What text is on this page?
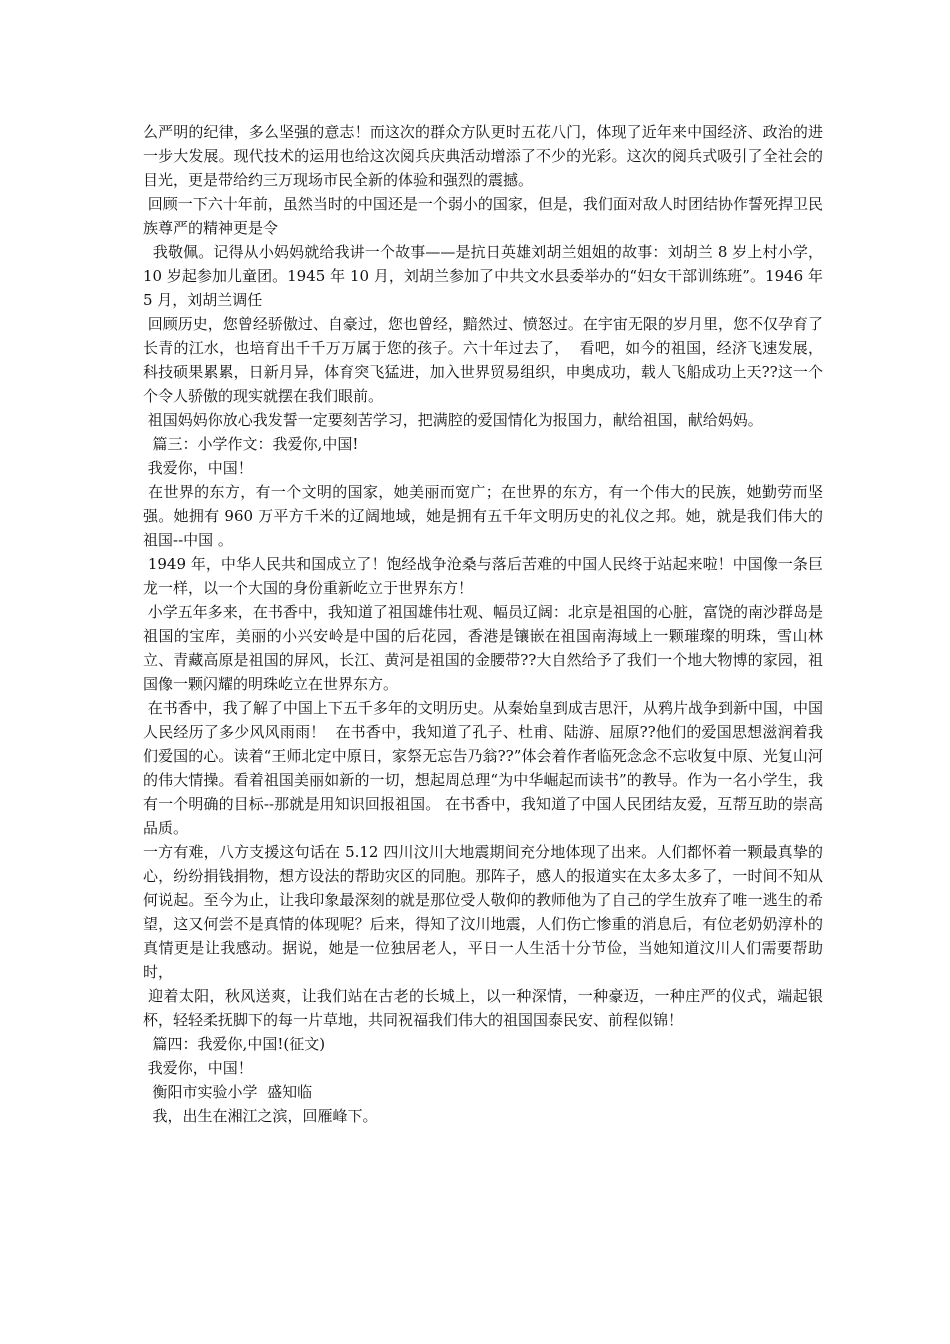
么严明的纪律，多么坚强的意志！而这次的群众方队更时五花八门，体现了近年来中国经济、政治的进一步大发展。现代技术的运用也给这次阅兵庆典活动增添了不少的光彩。这次的阅兵式吸引了全社会的目光，更是带给约三万现场市民全新的体验和强烈的震撼。

回顾一下六十年前，虽然当时的中国还是一个弱小的国家，但是，我们面对敌人时团结协作誓死捍卫民族尊严的精神更是令

我敬佩。记得从小妈妈就给我讲一个故事——是抗日英雄刘胡兰姐姐的故事：刘胡兰 8 岁上村小学，10 岁起参加儿童团。1945 年 10 月，刘胡兰参加了中共文水县委举办的“妇女干部训练班”。1946 年 5 月，刘胡兰调任

回顾历史，您曾经骄傲过、自豪过，您也曾经，黯然过、愤怒过。在宇宙无限的岁月里，您不仅孕育了长青的江水，也培育出千千万万属于您的孩子。六十年过去了，  看吧，如今的祖国，经济飞速发展，科技硕果累累，日新月异，体育突飞猛进，加入世界贸易组织，申奥成功，载人飞船成功上天??这一个个令人骄傲的现实就摆在我们眼前。

祖国妈妈你放心我发誓一定要刻苦学习，把满腔的爱国情化为报国力，献给祖国，献给妈妈。

篇三：小学作文：我爱你,中国!

我爱你，中国！

在世界的东方，有一个文明的国家，她美丽而宽广；在世界的东方，有一个伟大的民族，她勤劳而坚强。她拥有 960 万平方千米的辽阔地域，她是拥有五千年文明历史的礼仪之邦。她，就是我们伟大的祖国--中国 。

1949 年，中华人民共和国成立了！饱经战争沧桑与落后苦难的中国人民终于站起来啦！中国像一条巨龙一样，以一个大国的身份重新屹立于世界东方！

小学五年多来，在书香中，我知道了祖国雄伟壮观、幅员辽阔：北京是祖国的心脏，富饶的南沙群岛是祖国的宝库，美丽的小兴安岭是中国的后花园，香港是镶嵌在祖国南海域上一颗璀璨的明珠，雪山林立、青藏高原是祖国的屏风，长江、黄河是祖国的金腰带??大自然给予了我们一个地大物博的家园，祖国像一颗闪耀的明珠屹立在世界东方。

在书香中，我了解了中国上下五千多年的文明历史。从秦始皇到成吉思汗，从鸦片战争到新中国，中国人民经历了多少风风雨雨！  在书香中，我知道了孔子、杜甫、陆游、屈原??他们的爱国思想滋润着我们爱国的心。读着“王师北定中原日，家祭无忘告乃翁??”体会着作者临死念念不忘收复中原、光复山河的伟大情操。看着祖国美丽如新的一切，想起周总理“为中华崛起而读书”的教导。作为一名小学生，我有一个明确的目标--那就是用知识回报祖国。 在书香中，我知道了中国人民团结友爱，互帮互助的崇高品质。

一方有难，八方支援这句话在 5.12 四川汶川大地震期间充分地体现了出来。人们都怀着一颗最真挚的心，纷纷捐钱捐物，想方设法的帮助灾区的同胞。那阵子，感人的报道实在太多太多了，一时间不知从何说起。至今为止，让我印象最深刻的就是那位受人敬仰的教师他为了自己的学生放弃了唯一逃生的希望，这又何尝不是真情的体现呢？后来，得知了汶川地震，人们伤亡惨重的消息后，有位老奶奶淳朴的真情更是让我感动。据说，她是一位独居老人，平日一人生活十分节俭，当她知道汶川人们需要帮助时，

迎着太阳，秋风送爽，让我们站在古老的长城上，以一种深情，一种豪迈，一种庄严的仪式，端起银杯，轻轻柔抚脚下的每一片草地，共同祝福我们伟大的祖国国泰民安、前程似锦！

篇四：我爱你,中国!(征文)

我爱你，中国！

衡阳市实验小学  盛知临

我，出生在湘江之滨，回雁峰下。
